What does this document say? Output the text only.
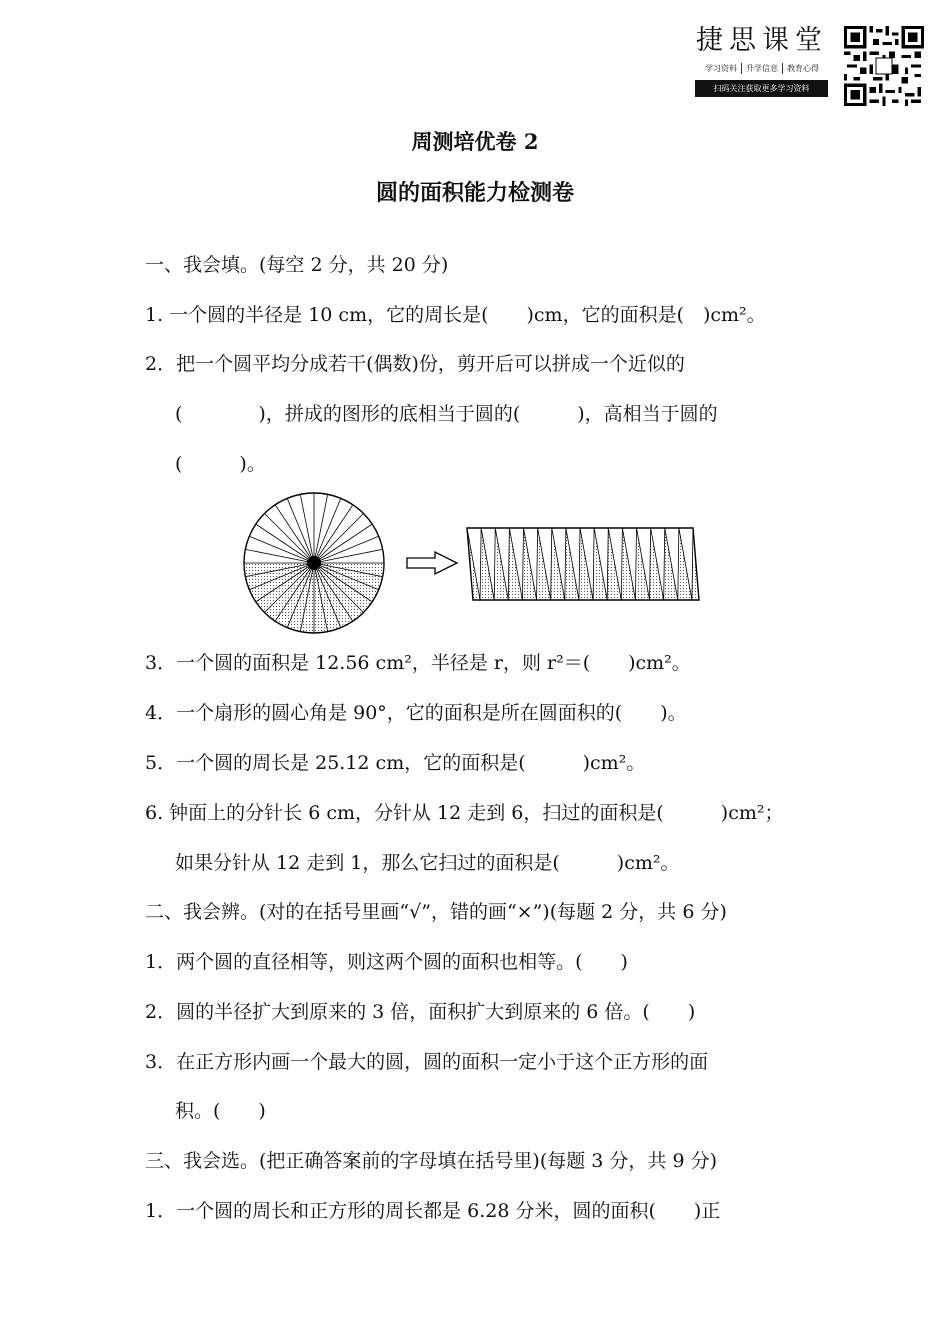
捷思课堂
学习资料	升学信息	教育心得
扫码关注获取更多学习资料
周测培优卷 2
圆的面积能力检测卷
一、我会填。(每空 2 分，共 20 分)
1. 一个圆的半径是 10 cm，它的周长是(　　)cm，它的面积是(　)cm²。
2．把一个圆平均分成若干(偶数)份，剪开后可以拼成一个近似的
(　　　　)，拼成的图形的底相当于圆的(　　　)，高相当于圆的
(　　　)。
3．一个圆的面积是 12.56 cm²，半径是 r，则 r²＝(　　)cm²。
4．一个扇形的圆心角是 90°，它的面积是所在圆面积的(　　)。
5．一个圆的周长是 25.12 cm，它的面积是(　　　)cm²。
6. 钟面上的分针长 6 cm，分针从 12 走到 6，扫过的面积是(　　　)cm²；
如果分针从 12 走到 1，那么它扫过的面积是(　　　)cm²。
二、我会辨。(对的在括号里画“√”，错的画“×”)(每题 2 分，共 6 分)
1．两个圆的直径相等，则这两个圆的面积也相等。(　　)
2．圆的半径扩大到原来的 3 倍，面积扩大到原来的 6 倍。(　　)
3．在正方形内画一个最大的圆，圆的面积一定小于这个正方形的面
积。(　　)
三、我会选。(把正确答案前的字母填在括号里)(每题 3 分，共 9 分)
1．一个圆的周长和正方形的周长都是 6.28 分米，圆的面积(　　)正
